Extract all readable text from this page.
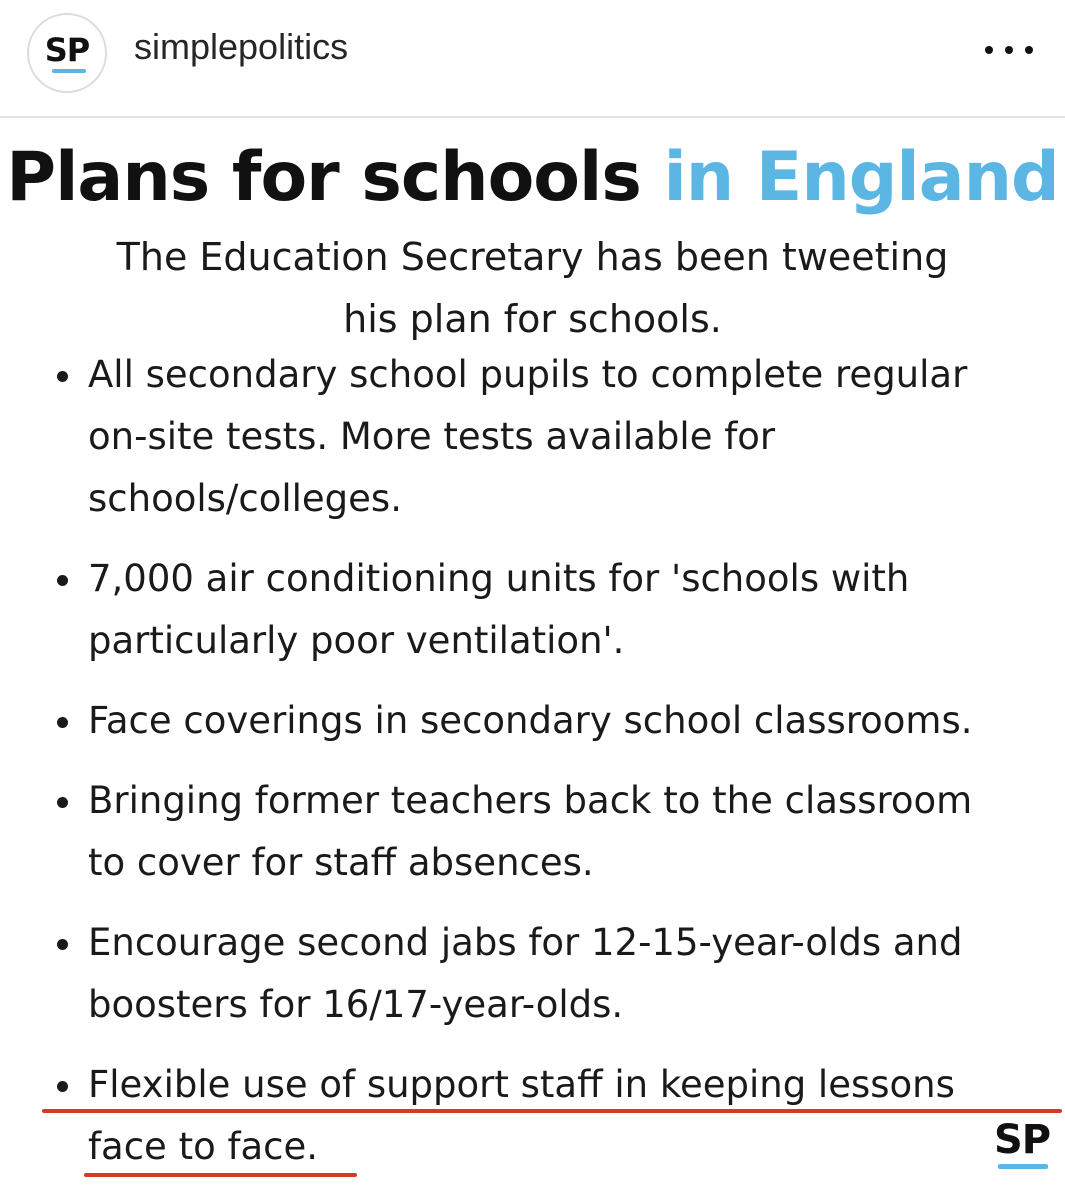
SP simplepolitics
Plans for schools in England
The Education Secretary has been tweeting
his plan for schools.
All secondary school pupils to complete regular
on-site tests. More tests available for
schools/colleges.
7,000 air conditioning units for 'schools with
particularly poor ventilation'.
Face coverings in secondary school classrooms.
Bringing former teachers back to the classroom
to cover for staff absences.
Encourage second jabs for 12-15-year-olds and
boosters for 16/17-year-olds.
Flexible use of support staff in keeping lessons
face to face.	SP
